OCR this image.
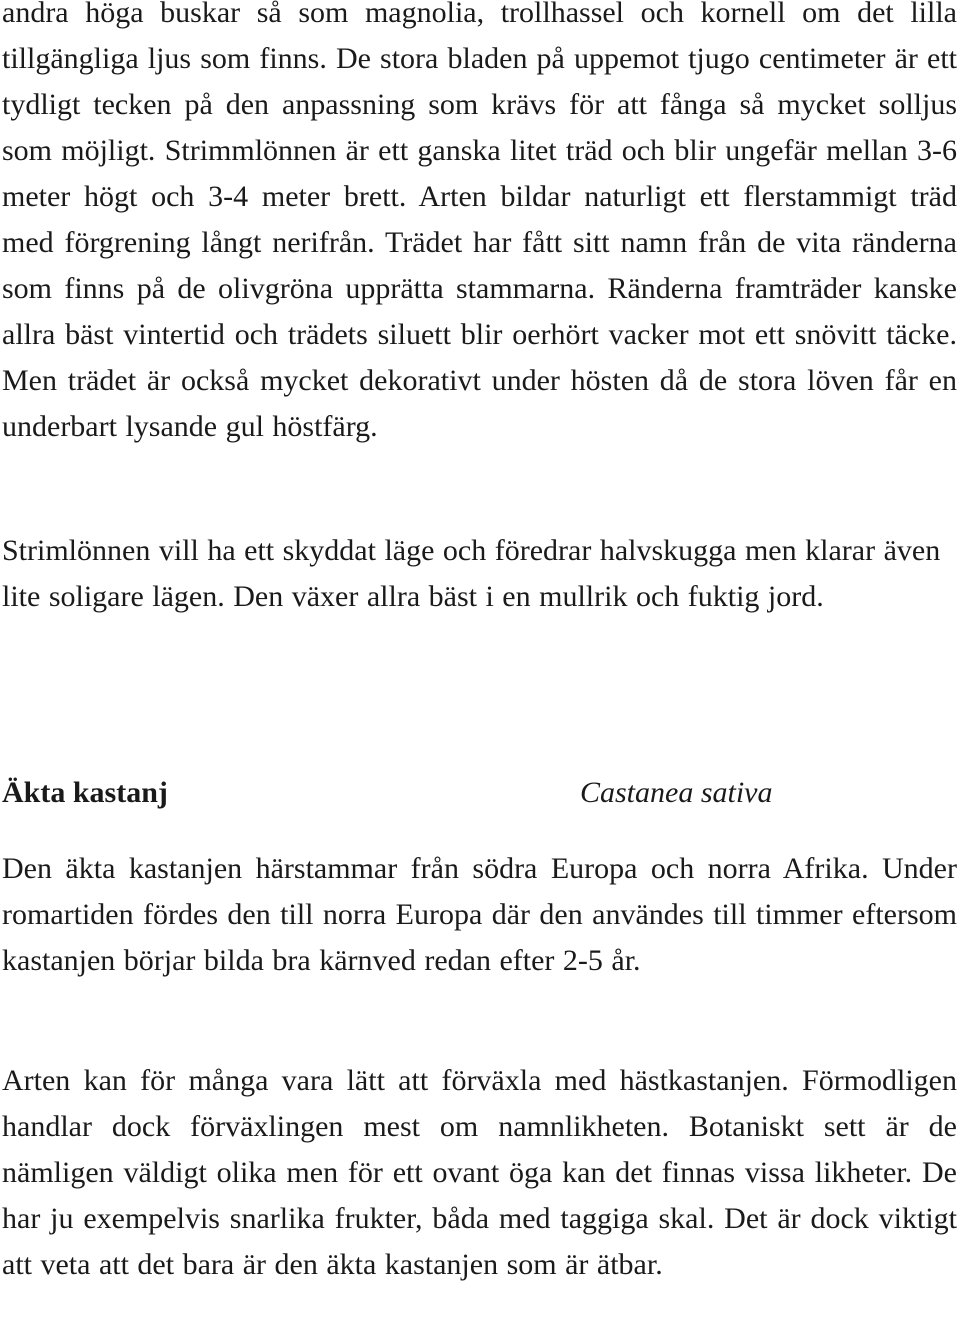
andra höga buskar så som magnolia, trollhassel och kornell om det lilla tillgängliga ljus som finns. De stora bladen på uppemot tjugo centimeter är ett tydligt tecken på den anpassning som krävs för att fånga så mycket solljus som möjligt. Strimmlönnen är ett ganska litet träd och blir ungefär mellan 3-6 meter högt och 3-4 meter brett. Arten bildar naturligt ett flerstammigt träd med förgrening långt nerifrån. Trädet har fått sitt namn från de vita ränderna som finns på de olivgröna upprätta stammarna. Ränderna framträder kanske allra bäst vintertid och trädets siluett blir oerhört vacker mot ett snövitt täcke. Men trädet är också mycket dekorativt under hösten då de stora löven får en underbart lysande gul höstfärg.

Strimlönnen vill ha ett skyddat läge och föredrar halvskugga men klarar även lite soligare lägen. Den växer allra bäst i en mullrik och fuktig jord.

Äkta kastanj	Castanea sativa

Den äkta kastanjen härstammar från södra Europa och norra Afrika. Under romartiden fördes den till norra Europa där den användes till timmer eftersom kastanjen börjar bilda bra kärnved redan efter 2-5 år.

Arten kan för många vara lätt att förväxla med hästkastanjen. Förmodligen handlar dock förväxlingen mest om namnlikheten. Botaniskt sett är de nämligen väldigt olika men för ett ovant öga kan det finnas vissa likheter. De har ju exempelvis snarlika frukter, båda med taggiga skal. Det är dock viktigt att veta att det bara är den äkta kastanjen som är ätbar.
